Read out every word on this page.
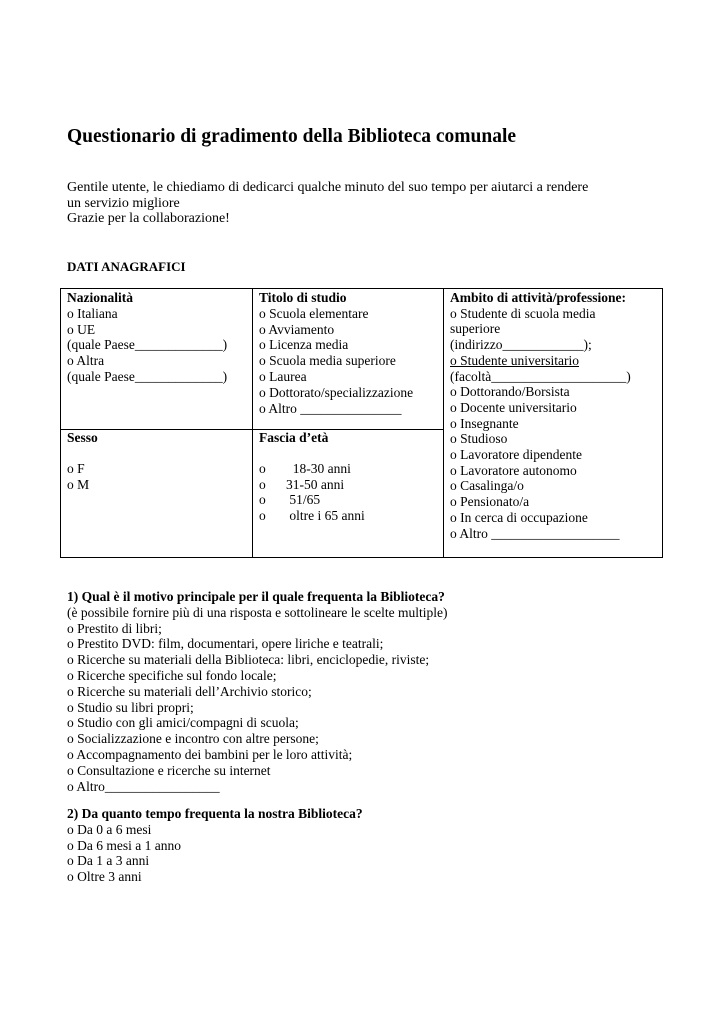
Questionario di gradimento della Biblioteca comunale
Gentile utente, le chiediamo di dedicarci qualche minuto del suo tempo per aiutarci a rendere
un servizio migliore
Grazie per la collaborazione!
DATI ANAGRAFICI
Nazionalità
o Italiana
o UE
(quale Paese_____________)
o Altra
(quale Paese_____________)
Titolo di studio
o Scuola elementare
o Avviamento
o Licenza media
o Scuola media superiore
o Laurea
o Dottorato/specializzazione
o Altro _______________
Ambito di attività/professione:
o Studente di scuola media
superiore
(indirizzo____________);
o Studente universitario
(facoltà____________________)
o Dottorando/Borsista
o Docente universitario
o Insegnante
o Studioso
o Lavoratore dipendente
o Lavoratore autonomo
o Casalinga/o
o Pensionato/a
o In cerca di occupazione
o Altro ___________________
Sesso
o F
o M
Fascia d’età
o        18-30 anni
o      31-50 anni
o       51/65
o       oltre i 65 anni
1) Qual è il motivo principale per il quale frequenta la Biblioteca?
(è possibile fornire più di una risposta e sottolineare le scelte multiple)
o Prestito di libri;
o Prestito DVD: film, documentari, opere liriche e teatrali;
o Ricerche su materiali della Biblioteca: libri, enciclopedie, riviste;
o Ricerche specifiche sul fondo locale;
o Ricerche su materiali dell’Archivio storico;
o Studio su libri propri;
o Studio con gli amici/compagni di scuola;
o Socializzazione e incontro con altre persone;
o Accompagnamento dei bambini per le loro attività;
o Consultazione e ricerche su internet
o Altro_________________
2) Da quanto tempo frequenta la nostra Biblioteca?
o Da 0 a 6 mesi
o Da 6 mesi a 1 anno
o Da 1 a 3 anni
o Oltre 3 anni
